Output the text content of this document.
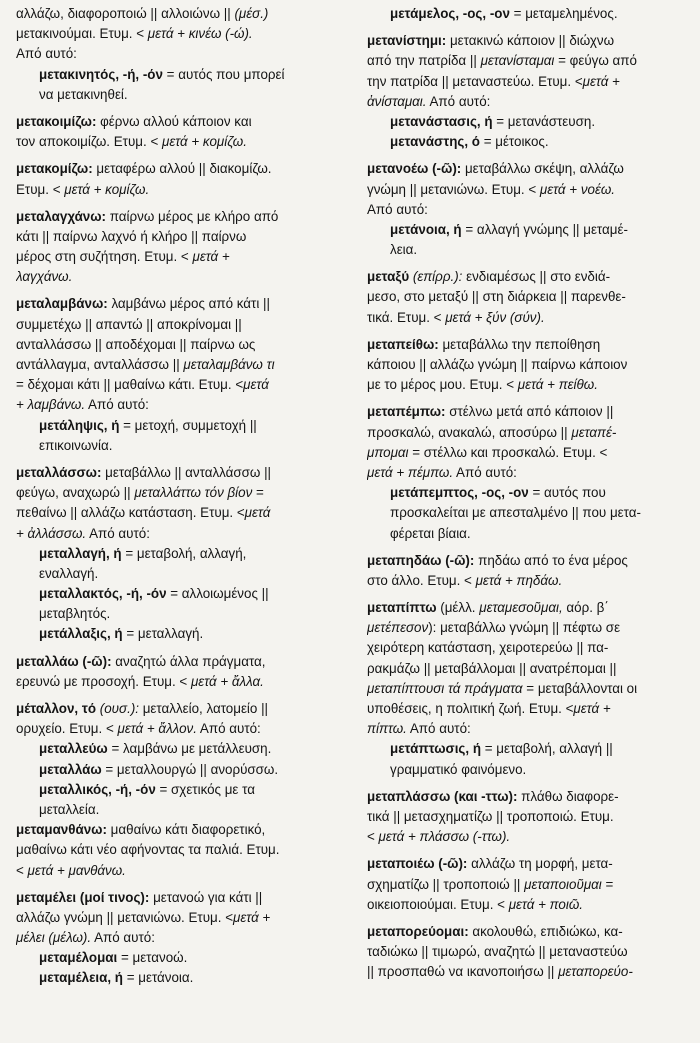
αλλάζω, διαφοροποιώ || αλλοιώνω || (μέσ.)
μετακινούμαι. Ετυμ. < μετά + κινέω (-ώ).
Από αυτό:
μετακινητός, -ή, -όν = αυτός που μπορεί
να μετακινηθεί.
μετακοιμίζω: φέρνω αλλού κάποιον και
τον αποκοιμίζω. Ετυμ. < μετά + κομίζω.
μετακομίζω: μεταφέρω αλλού || διακομίζω.
Ετυμ. < μετά + κομίζω.
μεταλαγχάνω: παίρνω μέρος με κλήρο από
κάτι || παίρνω λαχνό ή κλήρο || παίρνω
μέρος στη συζήτηση. Ετυμ. < μετά +
λαγχάνω.
μεταλαμβάνω: λαμβάνω μέρος από κάτι ||
συμμετέχω || απαντώ || αποκρίνομαι ||
ανταλλάσσω || αποδέχομαι || παίρνω ως
αντάλλαγμα, ανταλλάσσω || μεταλαμβάνω τι
= δέχομαι κάτι || μαθαίνω κάτι. Ετυμ. <μετά
+ λαμβάνω. Από αυτό:
μετάληψις, ή = μετοχή, συμμετοχή ||
επικοινωνία.
μεταλλάσσω: μεταβάλλω || ανταλλάσσω ||
φεύγω, αναχωρώ || μεταλλάττω τόν βίον =
πεθαίνω || αλλάζω κατάσταση. Ετυμ. <μετά
+ ἀλλάσσω. Από αυτό:
μεταλλαγή, ή = μεταβολή, αλλαγή,
εναλλαγή.
μεταλλακτός, -ή, -όν = αλλοιωμένος ||
μεταβλητός.
μετάλλαξις, ή = μεταλλαγή.
μεταλλάω (-ῶ): αναζητώ άλλα πράγματα,
ερευνώ με προσοχή. Ετυμ. < μετά + ἄλλα.
μέταλλον, τό (ουσ.): μεταλλείο, λατομείο ||
ορυχείο. Ετυμ. < μετά + ἄλλον. Από αυτό:
μεταλλεύω = λαμβάνω με μετάλλευση.
μεταλλάω = μεταλλουργώ || ανορύσσω.
μεταλλικός, -ή, -όν = σχετικός με τα
μεταλλεία.
μεταμανθάνω: μαθαίνω κάτι διαφορετικό,
μαθαίνω κάτι νέο αφήνοντας τα παλιά. Ετυμ.
< μετά + μανθάνω.
μεταμέλει (μοί τινος): μετανοώ για κάτι ||
αλλάζω γνώμη || μετανιώνω. Ετυμ. <μετά +
μέλει (μέλω). Από αυτό:
μεταμέλομαι = μετανοώ.
μεταμέλεια, ή = μετάνοια.
μετάμελος, -ος, -ον = μεταμελημένος.
μετανίστημι: μετακινώ κάποιον || διώχνω
από την πατρίδα || μετανίσταμαι = φεύγω από
την πατρίδα || μεταναστεύω. Ετυμ. <μετά +
ἀνίσταμαι. Από αυτό:
μετανάστασις, ή = μετανάστευση.
μετανάστης, ό = μέτοικος.
μετανοέω (-ῶ): μεταβάλλω σκέψη, αλλάζω
γνώμη || μετανιώνω. Ετυμ. < μετά + νοέω.
Από αυτό:
μετάνοια, ή = αλλαγή γνώμης || μεταμέ-
λεια.
μεταξύ (επίρρ.): ενδιαμέσως || στο ενδιά-
μεσο, στο μεταξύ || στη διάρκεια || παρενθε-
τικά. Ετυμ. < μετά + ξύν (σύν).
μεταπείθω: μεταβάλλω την πεποίθηση
κάποιου || αλλάζω γνώμη || παίρνω κάποιον
με το μέρος μου. Ετυμ. < μετά + πείθω.
μεταπέμπω: στέλνω μετά από κάποιον ||
προσκαλώ, ανακαλώ, αποσύρω || μεταπέ-
μπομαι = στέλλω και προσκαλώ. Ετυμ. <
μετά + πέμπω. Από αυτό:
μετάπεμπτος, -ος, -ον = αυτός που
προσκαλείται με απεσταλμένο || που μετα-
φέρεται βίαια.
μεταπηδάω (-ῶ): πηδάω από το ένα μέρος
στο άλλο. Ετυμ. < μετά + πηδάω.
μεταπίπτω (μέλλ. μεταμεσοῦμαι, αόρ. β΄
μετέπεσον): μεταβάλλω γνώμη || πέφτω σε
χειρότερη κατάσταση, χειροτερεύω || πα-
ρακμάζω || μεταβάλλομαι || ανατρέπομαι ||
μεταπίπτουσι τά πράγματα = μεταβάλλονται οι
υποθέσεις, η πολιτική ζωή. Ετυμ. <μετά +
πίπτω. Από αυτό:
μετάπτωσις, ή = μεταβολή, αλλαγή ||
γραμματικό φαινόμενο.
μεταπλάσσω (και -ττω): πλάθω διαφορε-
τικά || μετασχηματίζω || τροποποιώ. Ετυμ.
< μετά + πλάσσω (-ττω).
μεταποιέω (-ῶ): αλλάζω τη μορφή, μετα-
σχηματίζω || τροποποιώ || μεταποιοῦμαι =
οικειοποιούμαι. Ετυμ. < μετά + ποιῶ.
μεταπορεύομαι: ακολουθώ, επιδιώκω, κα-
ταδιώκω || τιμωρώ, αναζητώ || μεταναστεύω
|| προσπαθώ να ικανοποιήσω || μεταπορεύο-
